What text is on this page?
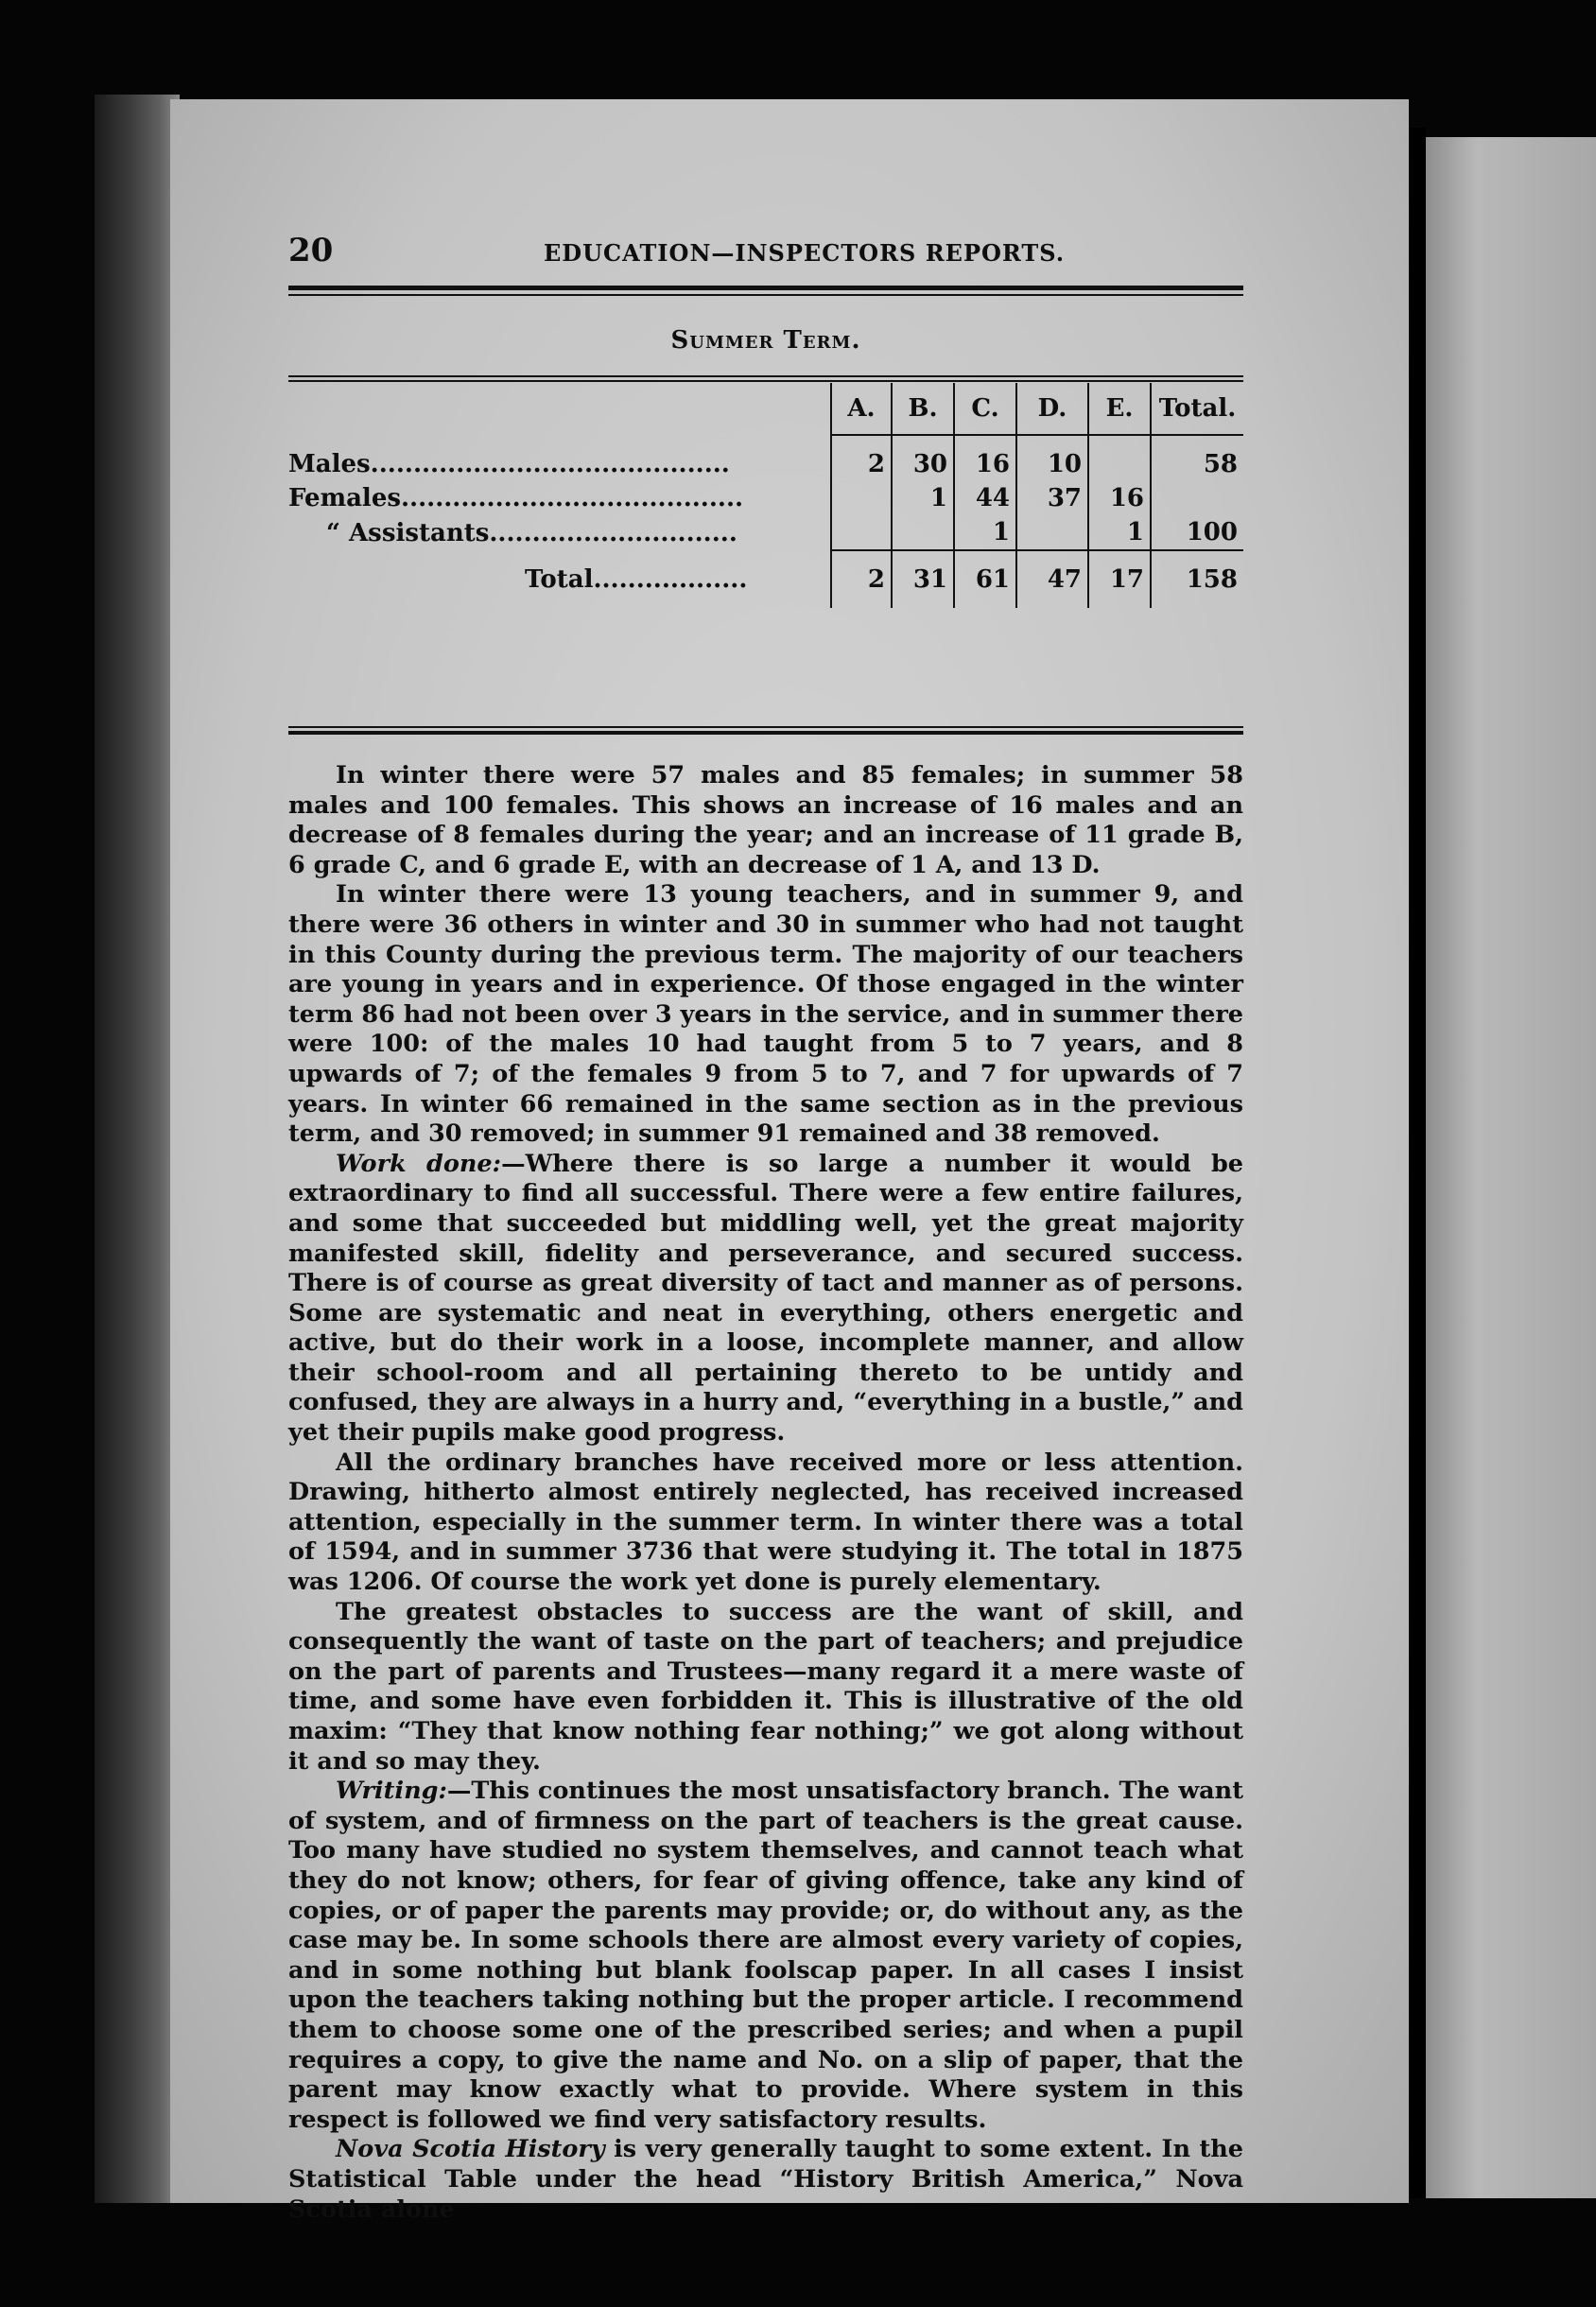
20	EDUCATION—INSPECTORS REPORTS.
Summer Term.
	A.	B.	C.	D.	E.	Total.
Males..........................................	2	30	16	10		58
Females........................................		1	44	37	16	
“ Assistants.............................			1		1	100
Total..................	2	31	61	47	17	158

In winter there were 57 males and 85 females; in summer 58 males and 100 females. This shows an increase of 16 males and an decrease of 8 females during the year; and an increase of 11 grade B, 6 grade C, and 6 grade E, with an decrease of 1 A, and 13 D.

In winter there were 13 young teachers, and in summer 9, and there were 36 others in winter and 30 in summer who had not taught in this County during the previous term. The majority of our teachers are young in years and in experience. Of those engaged in the winter term 86 had not been over 3 years in the service, and in summer there were 100: of the males 10 had taught from 5 to 7 years, and 8 upwards of 7; of the females 9 from 5 to 7, and 7 for upwards of 7 years. In winter 66 remained in the same section as in the previous term, and 30 removed; in summer 91 remained and 38 removed.

Work done:—Where there is so large a number it would be extraordinary to find all successful. There were a few entire failures, and some that succeeded but middling well, yet the great majority manifested skill, fidelity and perseverance, and secured success. There is of course as great diversity of tact and manner as of persons. Some are systematic and neat in everything, others energetic and active, but do their work in a loose, incomplete manner, and allow their school-room and all pertaining thereto to be untidy and confused, they are always in a hurry and, “everything in a bustle,” and yet their pupils make good progress.

All the ordinary branches have received more or less attention. Drawing, hitherto almost entirely neglected, has received increased attention, especially in the summer term. In winter there was a total of 1594, and in summer 3736 that were studying it. The total in 1875 was 1206. Of course the work yet done is purely elementary.

The greatest obstacles to success are the want of skill, and consequently the want of taste on the part of teachers; and prejudice on the part of parents and Trustees—many regard it a mere waste of time, and some have even forbidden it. This is illustrative of the old maxim: “They that know nothing fear nothing;” we got along without it and so may they.

Writing:—This continues the most unsatisfactory branch. The want of system, and of firmness on the part of teachers is the great cause. Too many have studied no system themselves, and cannot teach what they do not know; others, for fear of giving offence, take any kind of copies, or of paper the parents may provide; or, do without any, as the case may be. In some schools there are almost every variety of copies, and in some nothing but blank foolscap paper. In all cases I insist upon the teachers taking nothing but the proper article. I recommend them to choose some one of the prescribed series; and when a pupil requires a copy, to give the name and No. on a slip of paper, that the parent may know exactly what to provide. Where system in this respect is followed we find very satisfactory results.

Nova Scotia History is very generally taught to some extent. In the Statistical Table under the head “History British America,” Nova Scotia alone
